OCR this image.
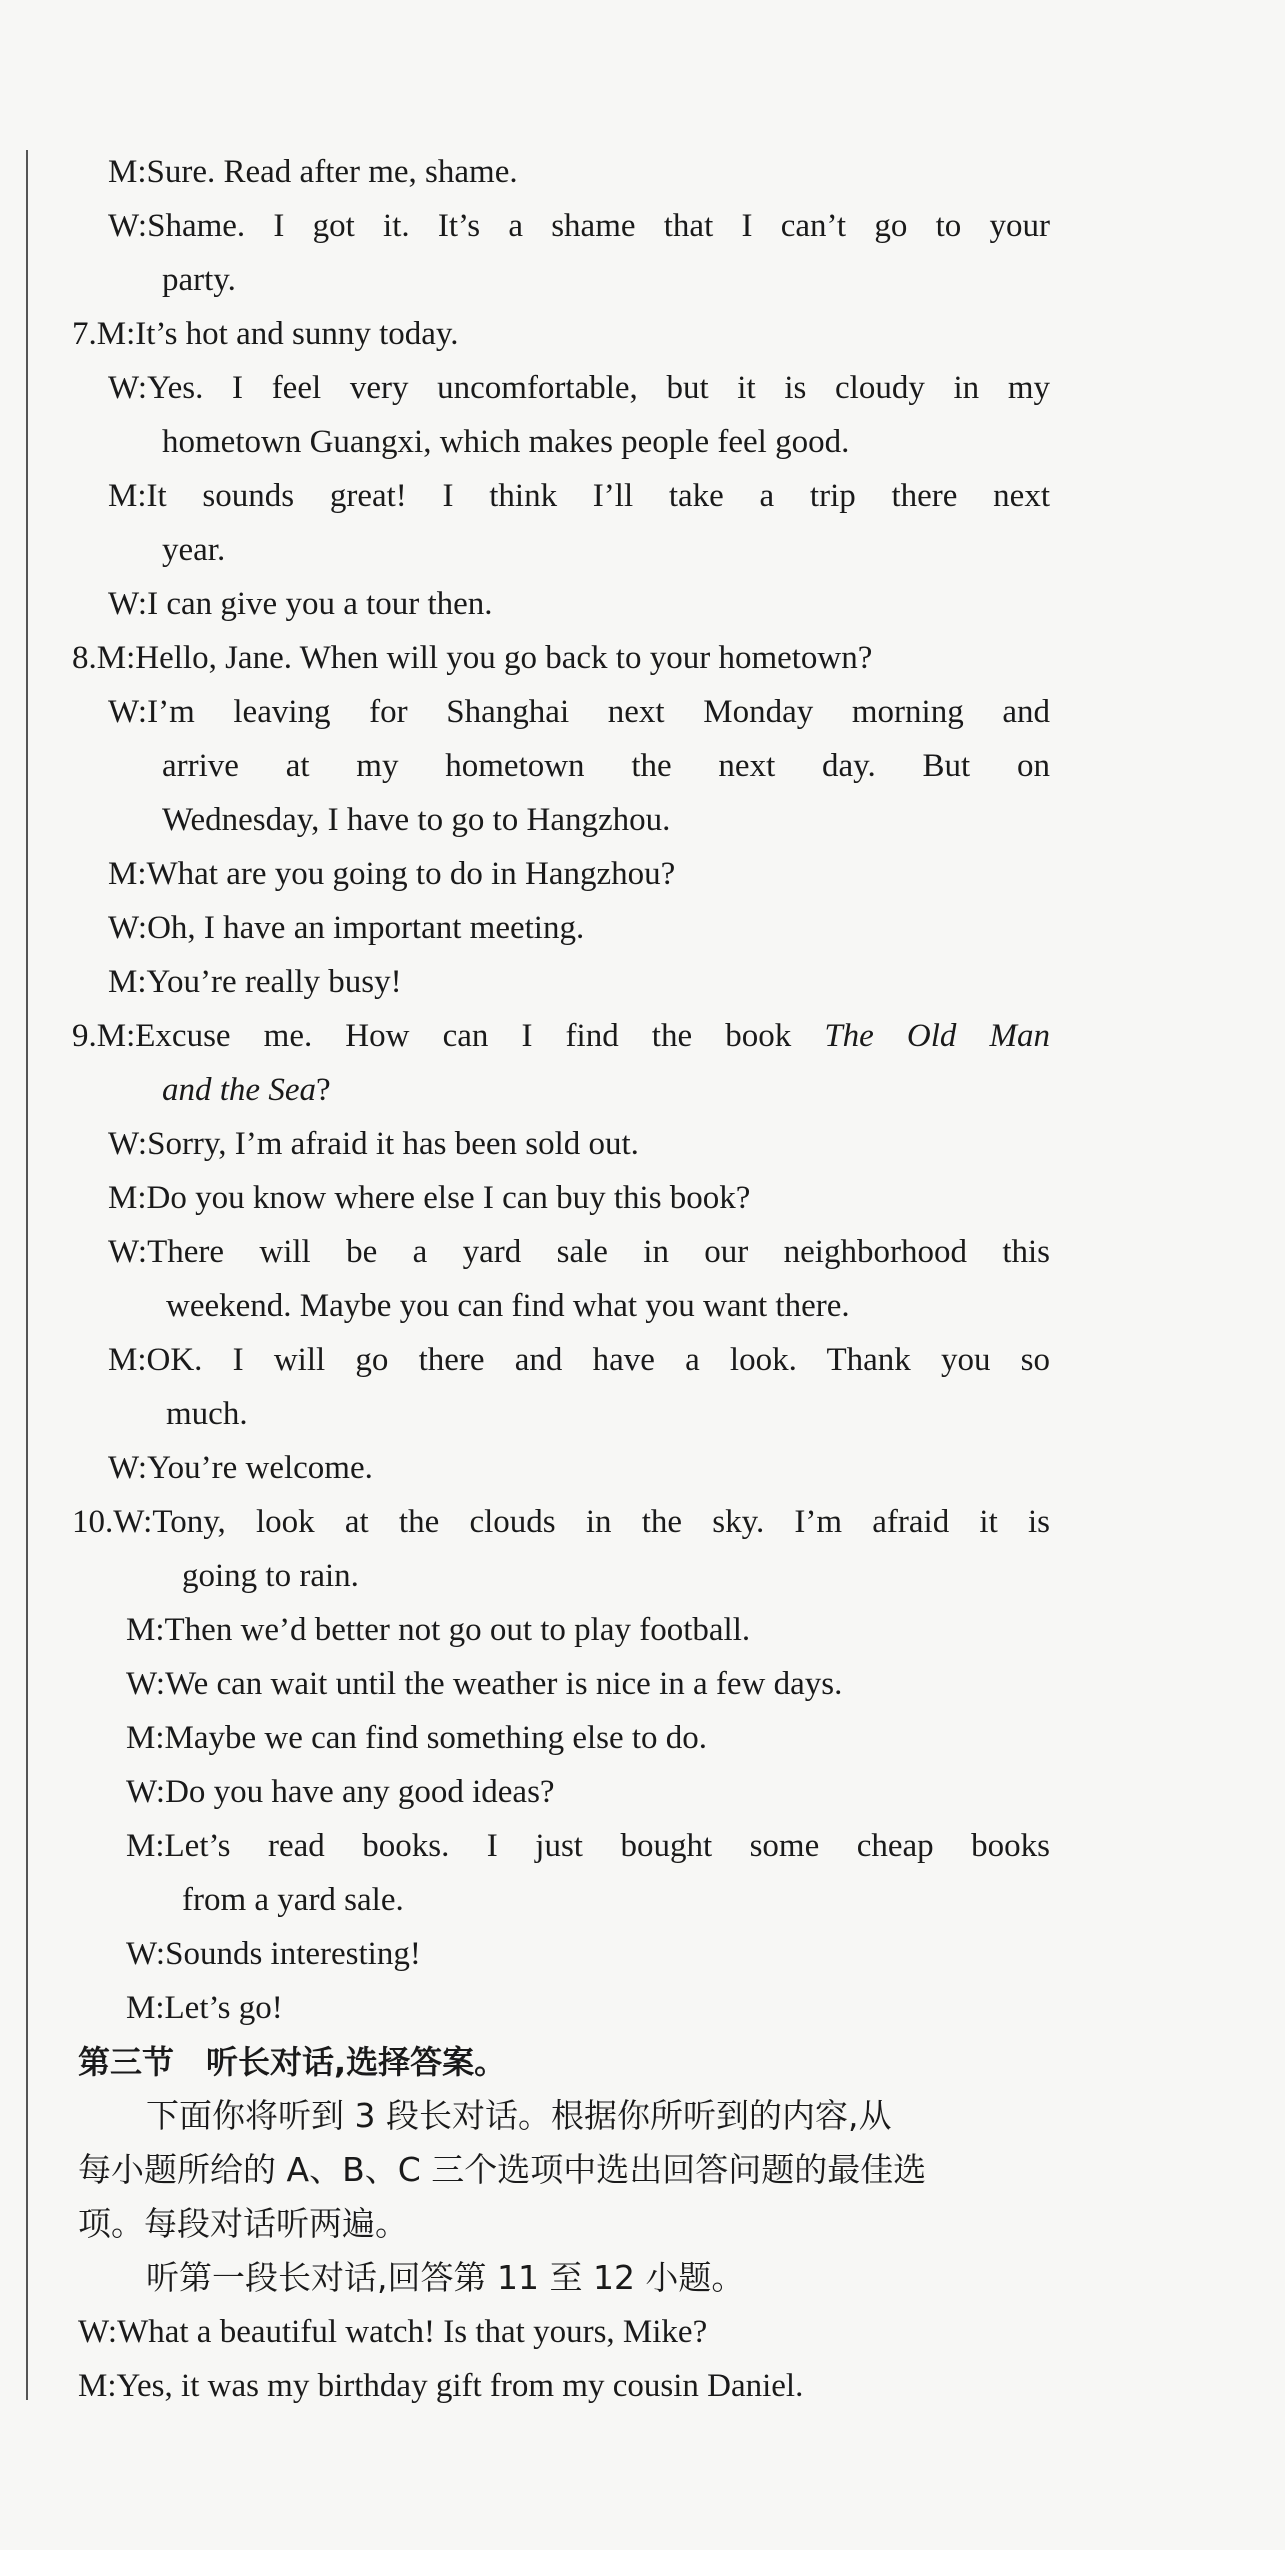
M:Sure. Read after me, shame.
W:Shame. I got it. It’s a shame that I can’t go to your
party.
7.M:It’s hot and sunny today.
W:Yes. I feel very uncomfortable, but it is cloudy in my
hometown Guangxi, which makes people feel good.
M:It sounds great! I think I’ll take a trip there next
year.
W:I can give you a tour then.
8.M:Hello, Jane. When will you go back to your hometown?
W:I’m leaving for Shanghai next Monday morning and
arrive at my hometown the next day. But on
Wednesday, I have to go to Hangzhou.
M:What are you going to do in Hangzhou?
W:Oh, I have an important meeting.
M:You’re really busy!
9.M:Excuse me. How can I find the book The Old Man
and the Sea?
W:Sorry, I’m afraid it has been sold out.
M:Do you know where else I can buy this book?
W:There will be a yard sale in our neighborhood this
weekend. Maybe you can find what you want there.
M:OK. I will go there and have a look. Thank you so
much.
W:You’re welcome.
10.W:Tony, look at the clouds in the sky. I’m afraid it is
going to rain.
M:Then we’d better not go out to play football.
W:We can wait until the weather is nice in a few days.
M:Maybe we can find something else to do.
W:Do you have any good ideas?
M:Let’s read books. I just bought some cheap books
from a yard sale.
W:Sounds interesting!
M:Let’s go!
第三节　听长对话,选择答案。
下面你将听到 3 段长对话。根据你所听到的内容,从
每小题所给的 A、B、C 三个选项中选出回答问题的最佳选
项。每段对话听两遍。
听第一段长对话,回答第 11 至 12 小题。
W:What a beautiful watch! Is that yours, Mike?
M:Yes, it was my birthday gift from my cousin Daniel.
